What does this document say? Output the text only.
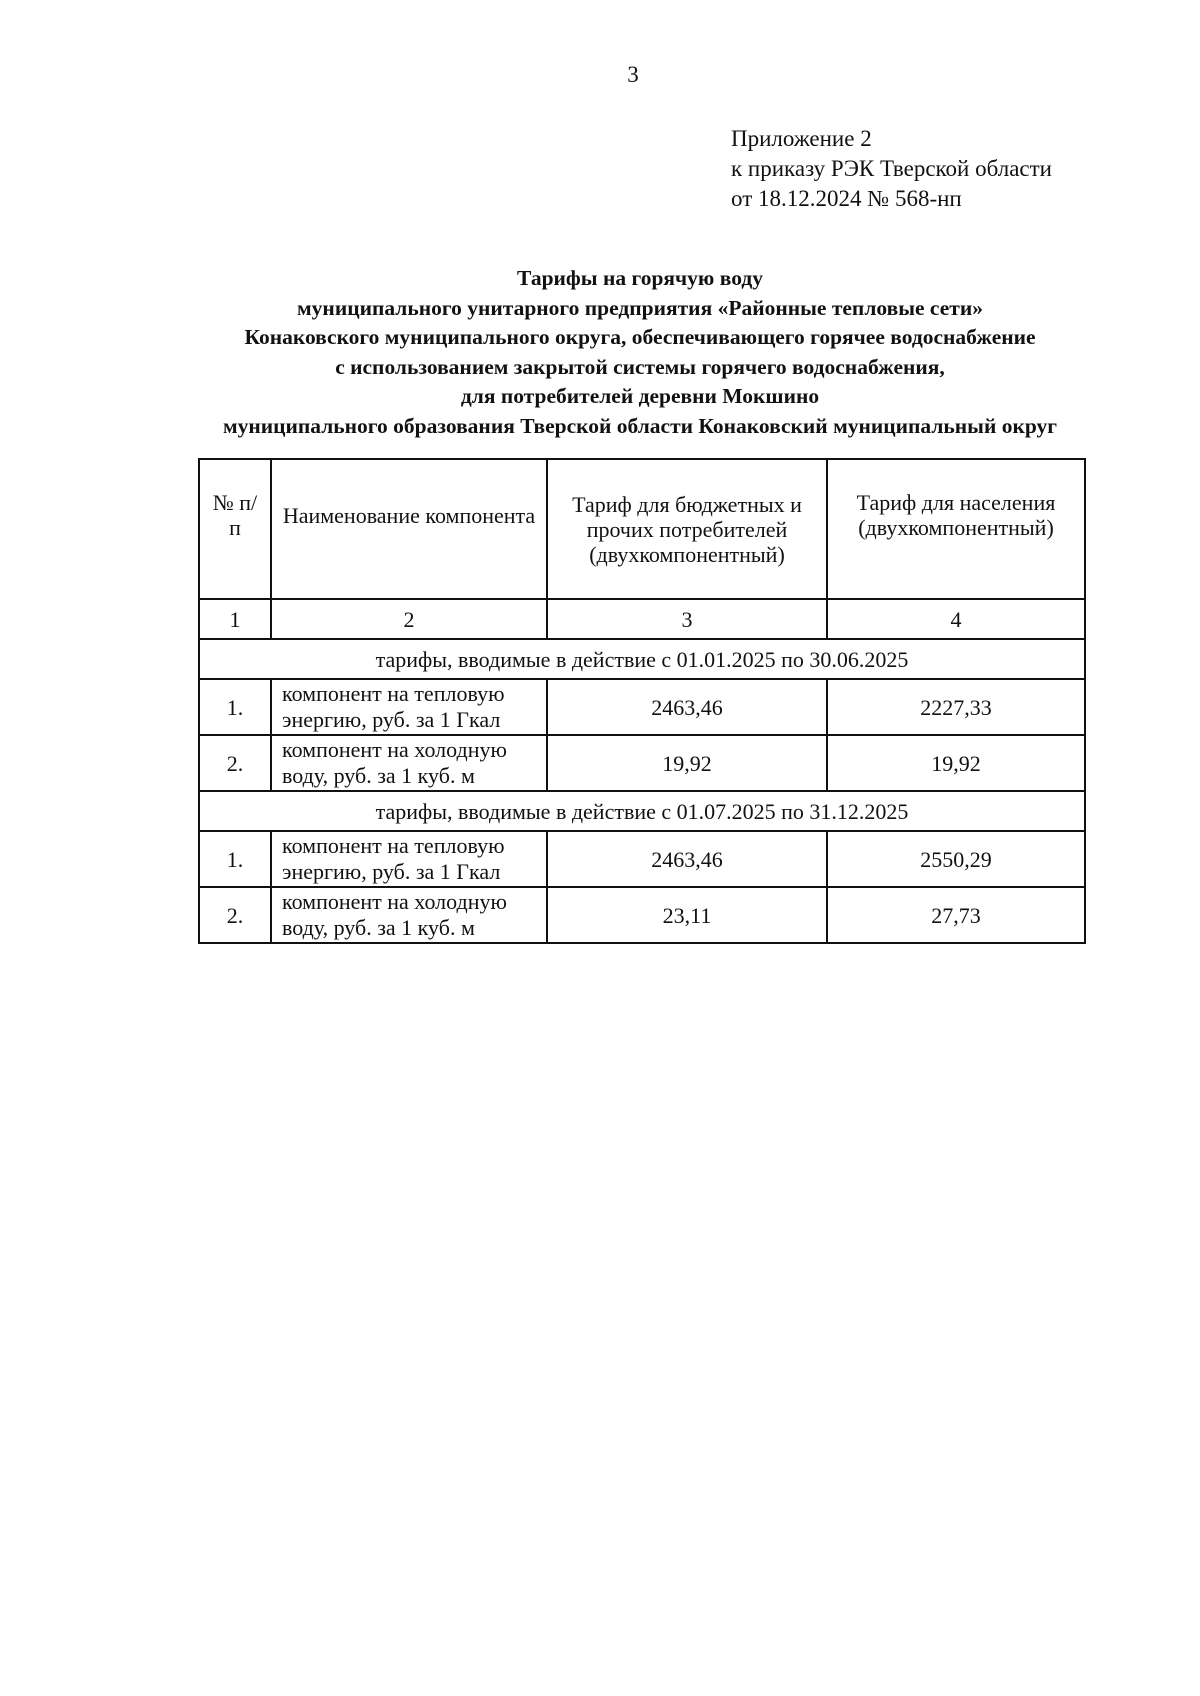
3
Приложение 2
к приказу РЭК Тверской области
от 18.12.2024 № 568-нп
Тарифы на горячую воду
муниципального унитарного предприятия «Районные тепловые сети»
Конаковского муниципального округа, обеспечивающего горячее водоснабжение
с использованием закрытой системы горячего водоснабжения,
для потребителей деревни Мокшино
муниципального образования Тверской области Конаковский муниципальный округ
№ п/п	Наименование компонента	Тариф для бюджетных и прочих потребителей (двухкомпонентный)	Тариф для населения (двухкомпонентный)
1	2	3	4
тарифы, вводимые в действие с 01.01.2025 по 30.06.2025			
1.	компонент на тепловую энергию, руб. за 1 Гкал	2463,46	2227,33
2.	компонент на холодную воду, руб. за 1 куб. м	19,92	19,92
тарифы, вводимые в действие с 01.07.2025 по 31.12.2025			
1.	компонент на тепловую энергию, руб. за 1 Гкал	2463,46	2550,29
2.	компонент на холодную воду, руб. за 1 куб. м	23,11	27,73
